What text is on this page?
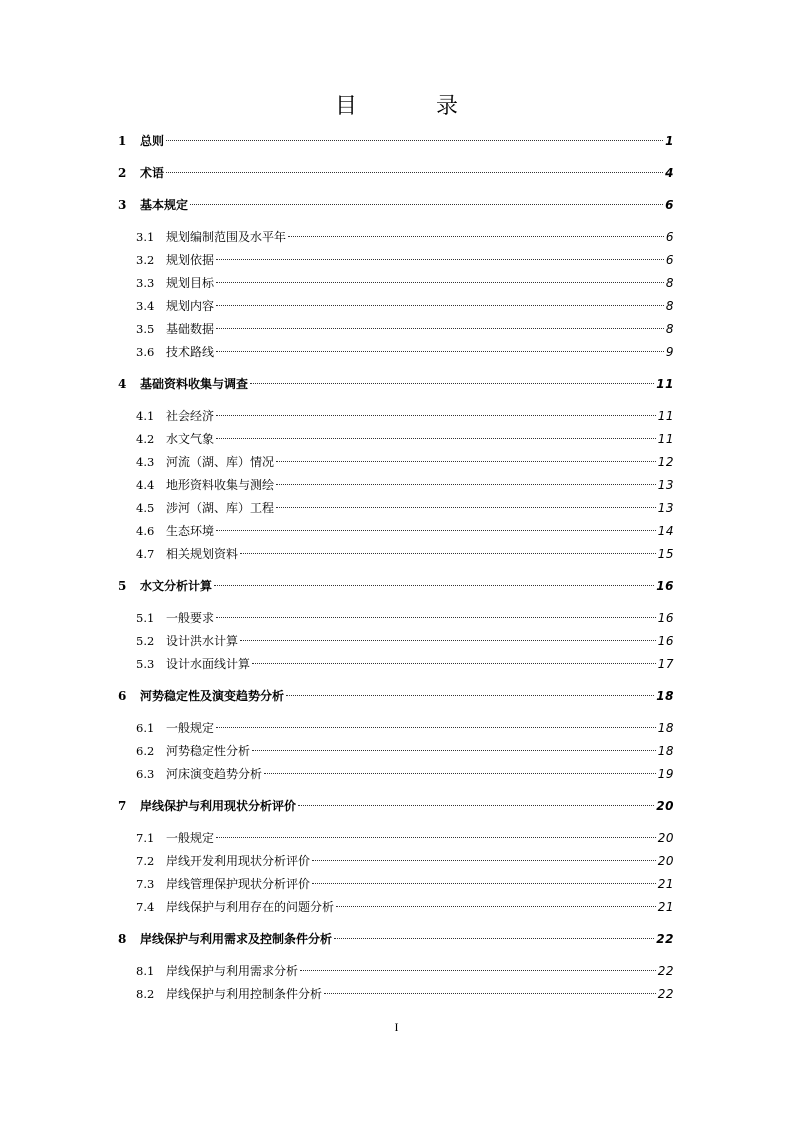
目 录
1	总则	1
2	术语	4
3	基本规定	6
3.1 规划编制范围及水平年	6
3.2 规划依据	6
3.3 规划目标	8
3.4 规划内容	8
3.5 基础数据	8
3.6 技术路线	9
4	基础资料收集与调查	11
4.1 社会经济	11
4.2 水文气象	11
4.3 河流（湖、库）情况	12
4.4 地形资料收集与测绘	13
4.5 涉河（湖、库）工程	13
4.6 生态环境	14
4.7 相关规划资料	15
5	水文分析计算	16
5.1 一般要求	16
5.2 设计洪水计算	16
5.3 设计水面线计算	17
6	河势稳定性及演变趋势分析	18
6.1 一般规定	18
6.2 河势稳定性分析	18
6.3 河床演变趋势分析	19
7	岸线保护与利用现状分析评价	20
7.1 一般规定	20
7.2 岸线开发利用现状分析评价	20
7.3 岸线管理保护现状分析评价	21
7.4 岸线保护与利用存在的问题分析	21
8	岸线保护与利用需求及控制条件分析	22
8.1 岸线保护与利用需求分析	22
8.2 岸线保护与利用控制条件分析	22
I
